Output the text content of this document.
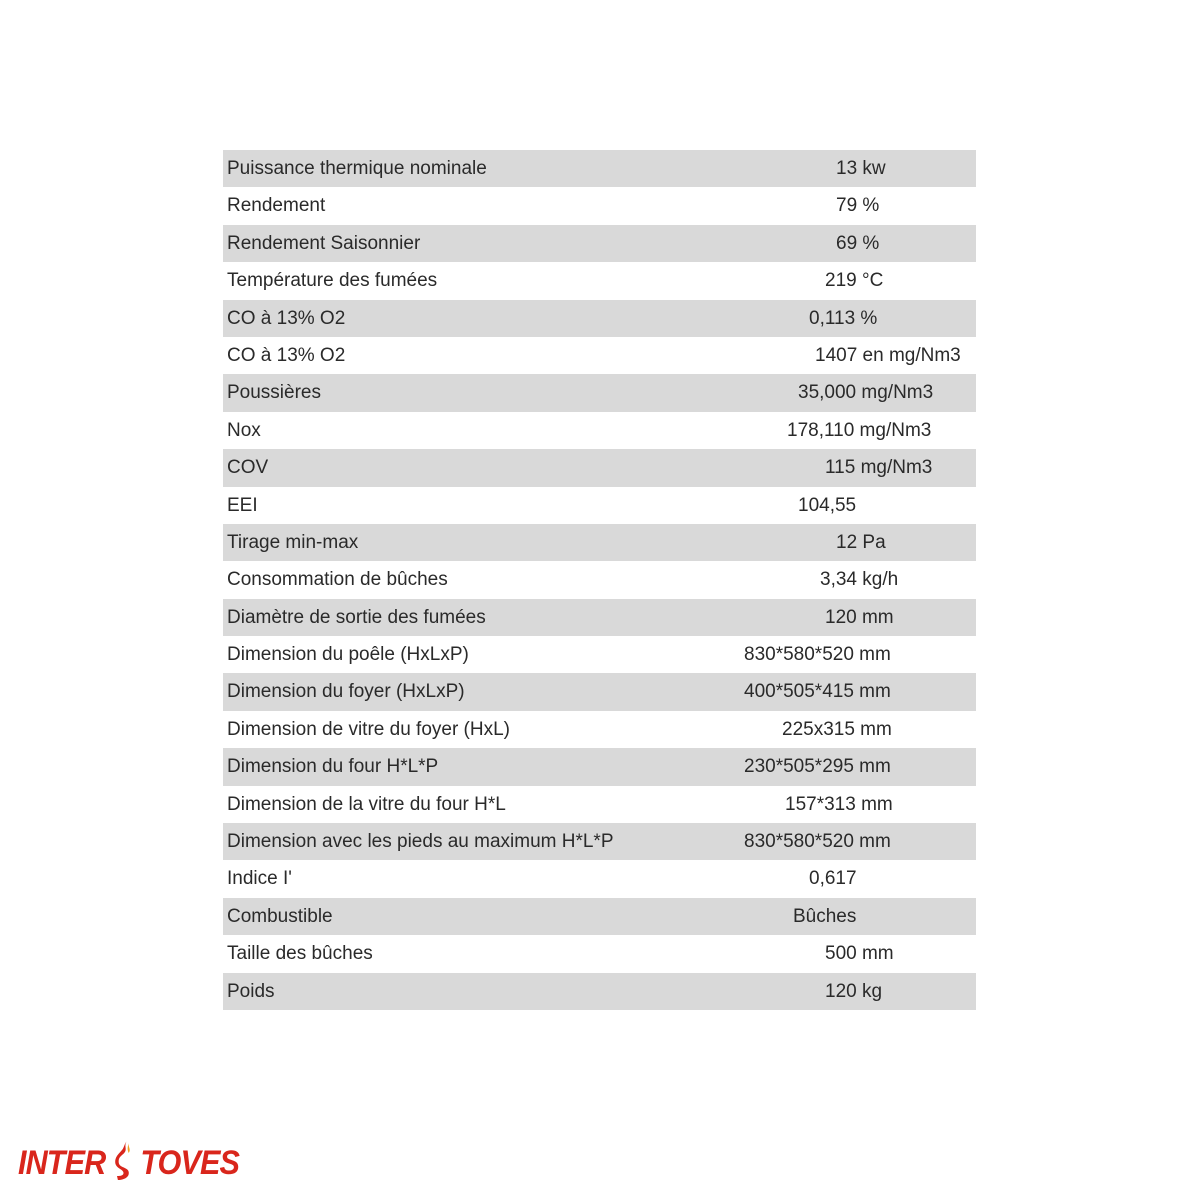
Puissance thermique nominale	13 kw
Rendement	79 %
Rendement Saisonnier	69 %
Température des fumées	219 °C
CO à 13% O2	0,113 %
CO à 13% O2	1407 en mg/Nm3
Poussières	35,000 mg/Nm3
Nox	178,110 mg/Nm3
COV	115 mg/Nm3
EEI	104,55
Tirage min-max	12 Pa
Consommation de bûches	3,34 kg/h
Diamètre de sortie des fumées	120 mm
Dimension du poêle (HxLxP)	830*580*520 mm
Dimension du foyer (HxLxP)	400*505*415 mm
Dimension de vitre du foyer (HxL)	225x315 mm
Dimension du four H*L*P	230*505*295 mm
Dimension de la vitre du four H*L	157*313 mm
Dimension avec les pieds au maximum H*L*P	830*580*520 mm
Indice I'	0,617
Combustible	Bûches
Taille des bûches	500 mm
Poids	120 kg
INTER TOVES
